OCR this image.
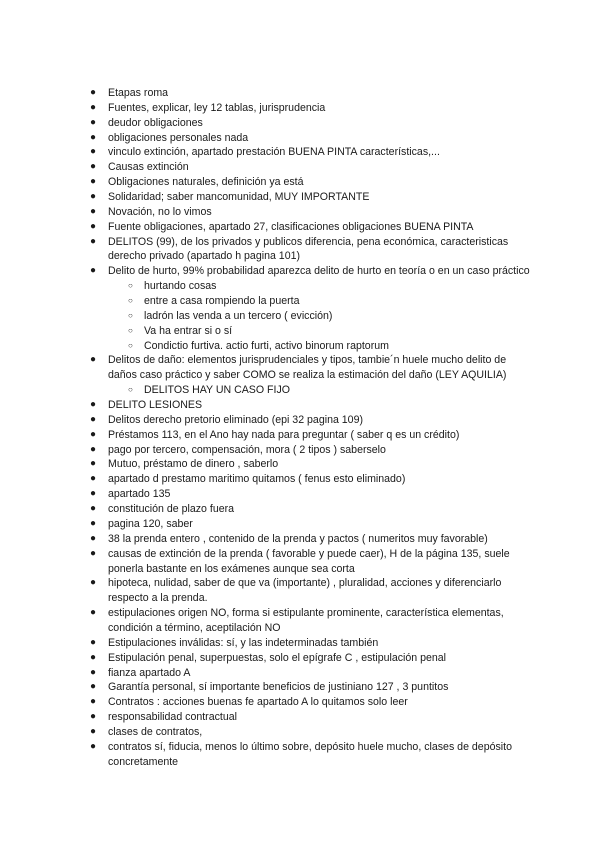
●	Etapas roma
●	Fuentes, explicar, ley 12 tablas, jurisprudencia
●	deudor obligaciones
●	obligaciones personales nada
●	vinculo extinción, apartado prestación BUENA PINTA características,...
●	Causas extinción
●	Obligaciones naturales, definición ya está
●	Solidaridad; saber mancomunidad, MUY IMPORTANTE
●	Novación, no lo vimos
●	Fuente obligaciones, apartado 27, clasificaciones obligaciones BUENA PINTA
●	DELITOS (99), de los privados y publicos diferencia, pena económica, caracteristicas derecho privado (apartado h pagina 101)
●	Delito de hurto, 99% probabilidad aparezca delito de hurto en teoría o en un caso práctico
○	hurtando cosas
○	entre a casa rompiendo la puerta
○	ladrón las venda a un tercero ( evicción)
○	Va ha entrar si o sí
○	Condictio furtiva. actio furti, activo binorum raptorum
●	Delitos de daño: elementos jurisprudenciales y tipos, tambie´n huele mucho delito de daños caso práctico y saber COMO se realiza la estimación del daño (LEY AQUILIA)
○	DELITOS HAY UN CASO FIJO
●	DELITO LESIONES
●	Delitos derecho pretorio eliminado (epi 32 pagina 109)
●	Préstamos 113, en el Ano hay nada para preguntar ( saber q es un crédito)
●	pago por tercero, compensación, mora ( 2 tipos ) saberselo
●	Mutuo, préstamo de dinero , saberlo
●	apartado d prestamo maritimo quitamos ( fenus esto eliminado)
●	apartado 135
●	constitución de plazo fuera
●	pagina 120, saber
●	38 la prenda entero , contenido de la prenda y pactos ( numeritos muy favorable)
●	causas de extinción de la prenda ( favorable y puede caer), H de la página 135, suele ponerla bastante en los exámenes aunque sea corta
●	hipoteca, nulidad, saber de que va (importante) , pluralidad, acciones y diferenciarlo respecto a la prenda.
●	estipulaciones origen NO, forma si estipulante prominente, característica elementas, condición a término, aceptilación NO
●	Estipulaciones inválidas: sí, y las indeterminadas también
●	Estipulación penal, superpuestas, solo el epígrafe C , estipulación penal
●	fianza apartado A
●	Garantía personal, sí importante beneficios de justiniano 127 , 3 puntitos
●	Contratos : acciones buenas fe apartado A lo quitamos solo leer
●	responsabilidad contractual
●	clases de contratos,
●	contratos sí, fiducia, menos lo último sobre, depósito huele mucho, clases de depósito concretamente
